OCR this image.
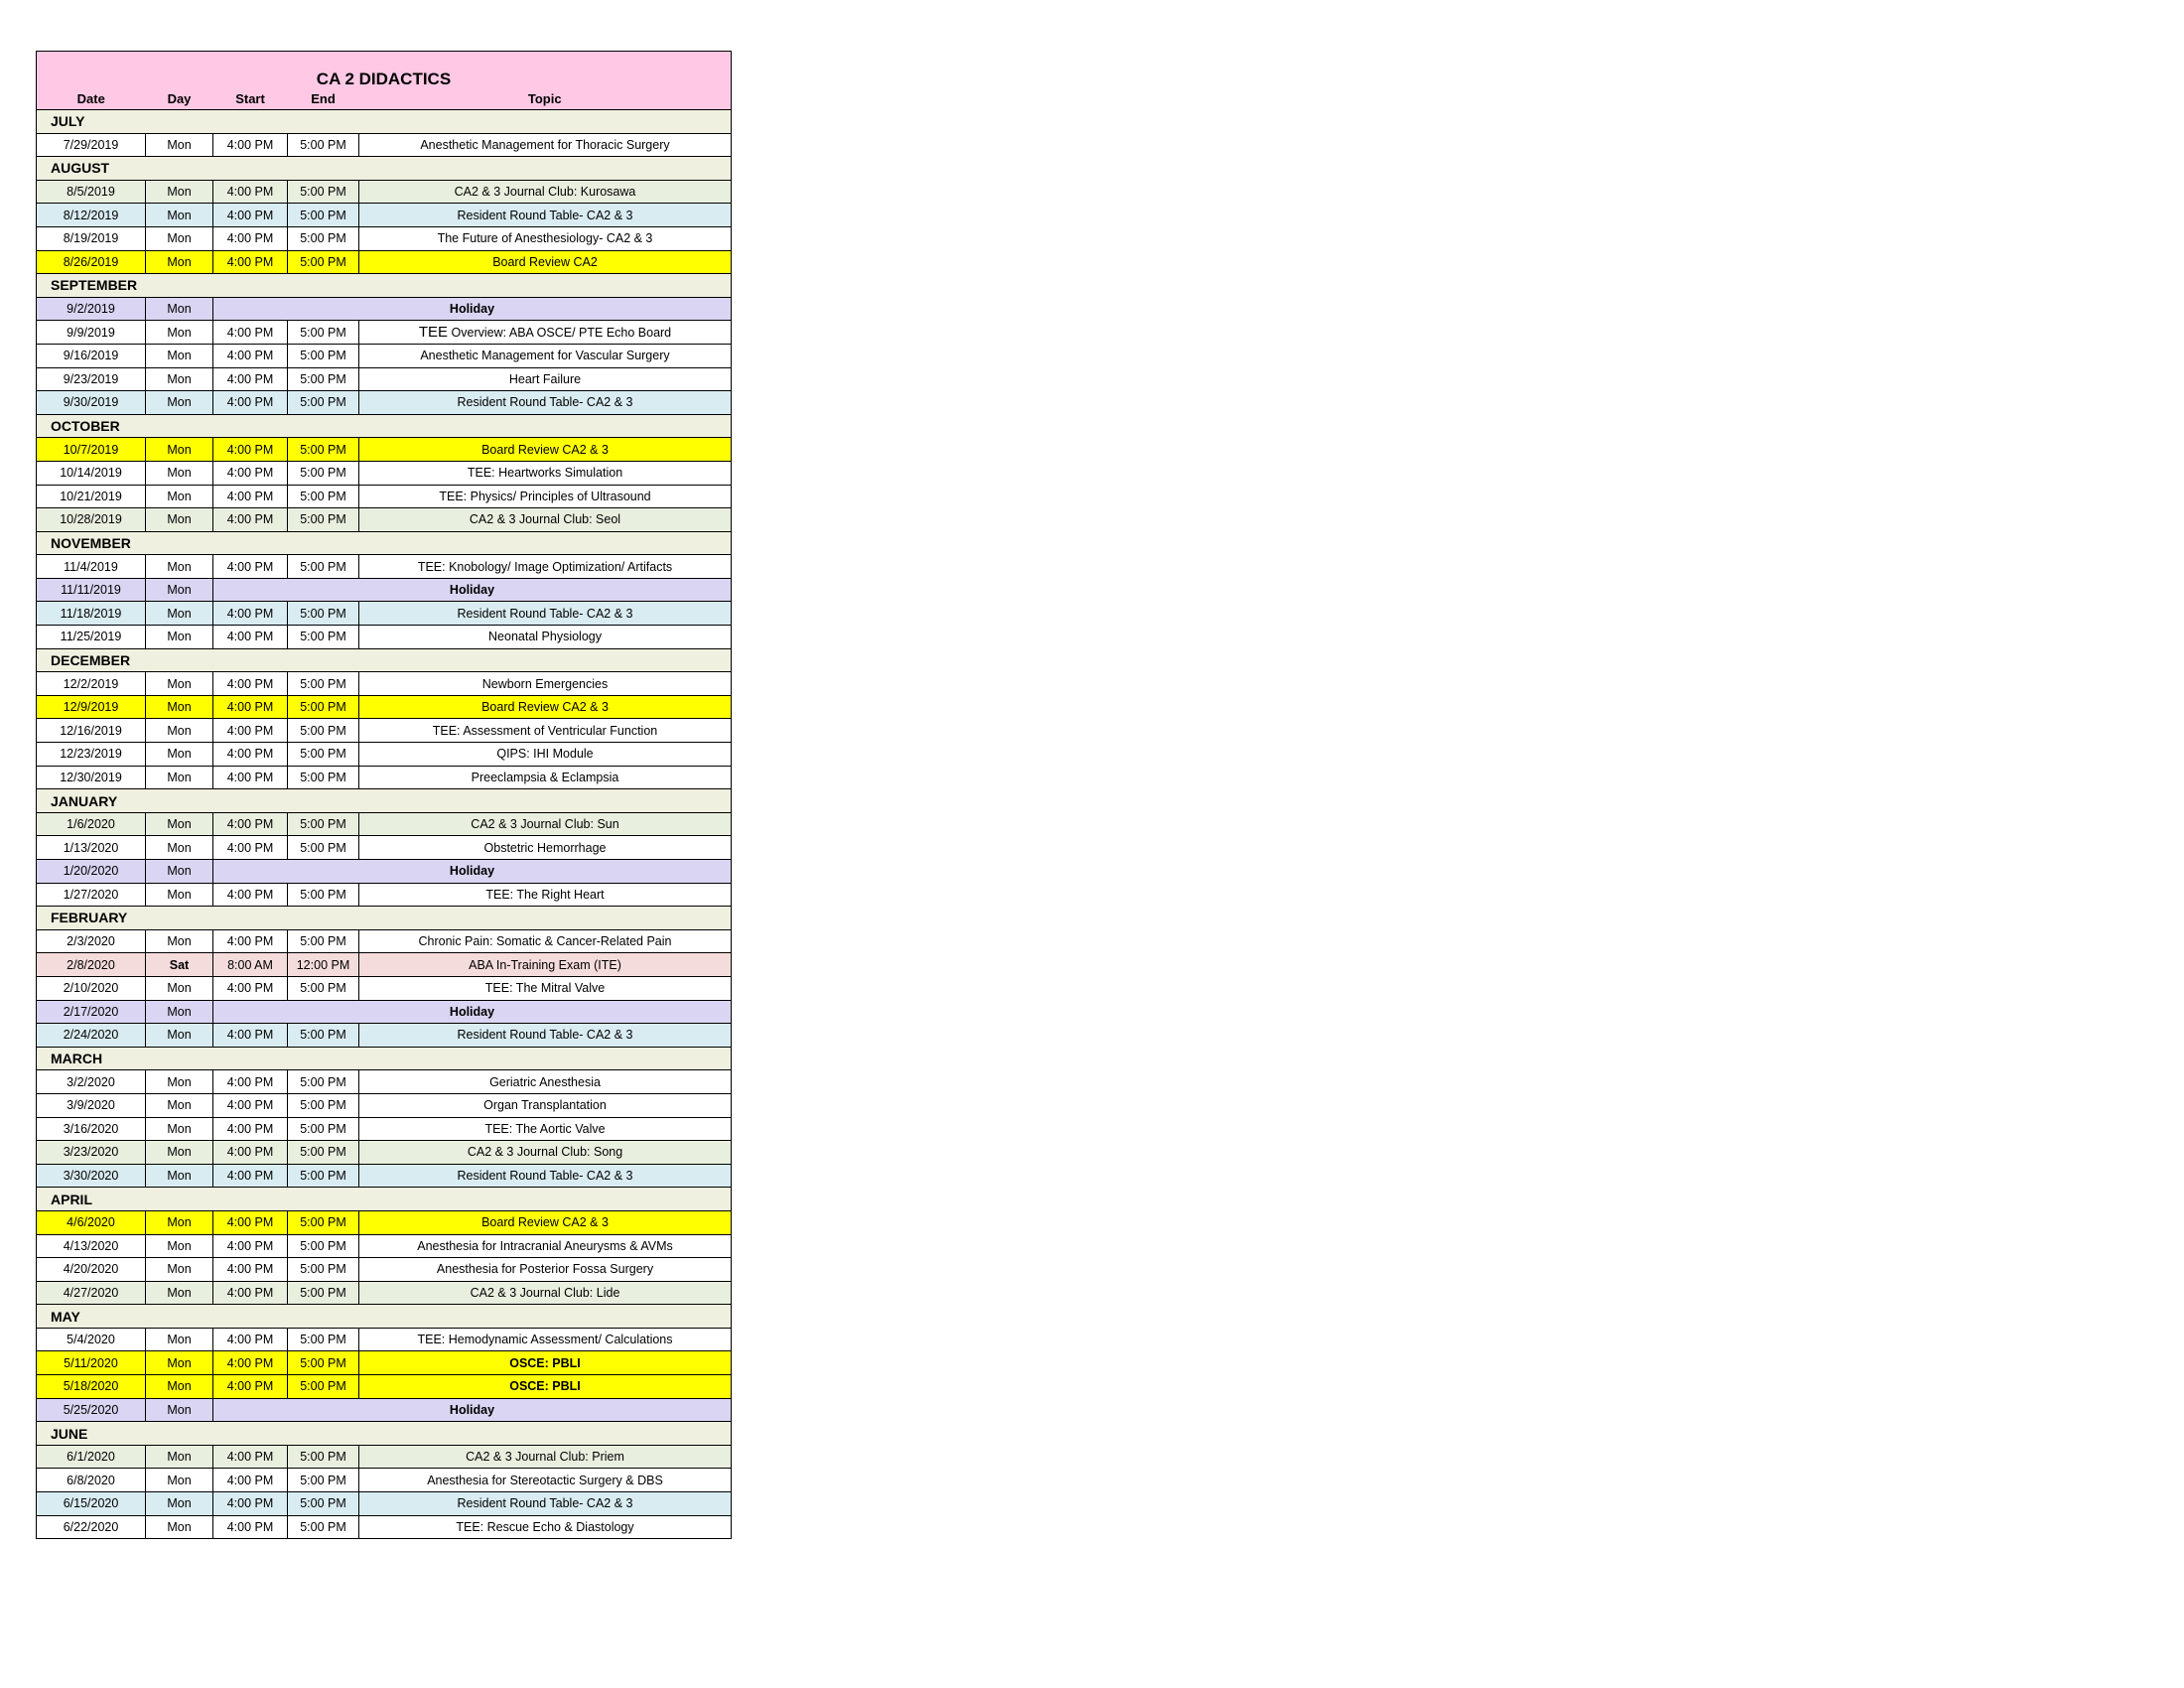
CA 2 DIDACTICS				
Date	Day	Start	End	Topic
JULY				
7/29/2019	Mon	4:00 PM	5:00 PM	Anesthetic Management for Thoracic Surgery
AUGUST				
8/5/2019	Mon	4:00 PM	5:00 PM	CA2 & 3 Journal Club: Kurosawa
8/12/2019	Mon	4:00 PM	5:00 PM	Resident Round Table- CA2 & 3
8/19/2019	Mon	4:00 PM	5:00 PM	The Future of Anesthesiology- CA2 & 3
8/26/2019	Mon	4:00 PM	5:00 PM	Board Review CA2
SEPTEMBER				
9/2/2019	Mon	Holiday		
9/9/2019	Mon	4:00 PM	5:00 PM	TEE Overview: ABA OSCE/ PTE Echo Board
9/16/2019	Mon	4:00 PM	5:00 PM	Anesthetic Management for Vascular Surgery
9/23/2019	Mon	4:00 PM	5:00 PM	Heart Failure
9/30/2019	Mon	4:00 PM	5:00 PM	Resident Round Table- CA2 & 3
OCTOBER				
10/7/2019	Mon	4:00 PM	5:00 PM	Board Review CA2 & 3
10/14/2019	Mon	4:00 PM	5:00 PM	TEE: Heartworks Simulation
10/21/2019	Mon	4:00 PM	5:00 PM	TEE: Physics/ Principles of Ultrasound
10/28/2019	Mon	4:00 PM	5:00 PM	CA2 & 3 Journal Club: Seol
NOVEMBER				
11/4/2019	Mon	4:00 PM	5:00 PM	TEE: Knobology/ Image Optimization/ Artifacts
11/11/2019	Mon	Holiday		
11/18/2019	Mon	4:00 PM	5:00 PM	Resident Round Table- CA2 & 3
11/25/2019	Mon	4:00 PM	5:00 PM	Neonatal Physiology
DECEMBER				
12/2/2019	Mon	4:00 PM	5:00 PM	Newborn Emergencies
12/9/2019	Mon	4:00 PM	5:00 PM	Board Review CA2 & 3
12/16/2019	Mon	4:00 PM	5:00 PM	TEE: Assessment of Ventricular Function
12/23/2019	Mon	4:00 PM	5:00 PM	QIPS: IHI Module
12/30/2019	Mon	4:00 PM	5:00 PM	Preeclampsia & Eclampsia
JANUARY				
1/6/2020	Mon	4:00 PM	5:00 PM	CA2 & 3 Journal Club: Sun
1/13/2020	Mon	4:00 PM	5:00 PM	Obstetric Hemorrhage
1/20/2020	Mon	Holiday		
1/27/2020	Mon	4:00 PM	5:00 PM	TEE: The Right Heart
FEBRUARY				
2/3/2020	Mon	4:00 PM	5:00 PM	Chronic Pain: Somatic & Cancer-Related Pain
2/8/2020	Sat	8:00 AM	12:00 PM	ABA In-Training Exam (ITE)
2/10/2020	Mon	4:00 PM	5:00 PM	TEE: The Mitral Valve
2/17/2020	Mon	Holiday		
2/24/2020	Mon	4:00 PM	5:00 PM	Resident Round Table- CA2 & 3
MARCH				
3/2/2020	Mon	4:00 PM	5:00 PM	Geriatric Anesthesia
3/9/2020	Mon	4:00 PM	5:00 PM	Organ Transplantation
3/16/2020	Mon	4:00 PM	5:00 PM	TEE: The Aortic Valve
3/23/2020	Mon	4:00 PM	5:00 PM	CA2 & 3 Journal Club: Song
3/30/2020	Mon	4:00 PM	5:00 PM	Resident Round Table- CA2 & 3
APRIL				
4/6/2020	Mon	4:00 PM	5:00 PM	Board Review CA2 & 3
4/13/2020	Mon	4:00 PM	5:00 PM	Anesthesia for Intracranial Aneurysms & AVMs
4/20/2020	Mon	4:00 PM	5:00 PM	Anesthesia for Posterior Fossa Surgery
4/27/2020	Mon	4:00 PM	5:00 PM	CA2 & 3 Journal Club: Lide
MAY				
5/4/2020	Mon	4:00 PM	5:00 PM	TEE: Hemodynamic Assessment/ Calculations
5/11/2020	Mon	4:00 PM	5:00 PM	OSCE: PBLI
5/18/2020	Mon	4:00 PM	5:00 PM	OSCE: PBLI
5/25/2020	Mon	Holiday		
JUNE				
6/1/2020	Mon	4:00 PM	5:00 PM	CA2 & 3 Journal Club: Priem
6/8/2020	Mon	4:00 PM	5:00 PM	Anesthesia for Stereotactic Surgery & DBS
6/15/2020	Mon	4:00 PM	5:00 PM	Resident Round Table- CA2 & 3
6/22/2020	Mon	4:00 PM	5:00 PM	TEE: Rescue Echo & Diastology
